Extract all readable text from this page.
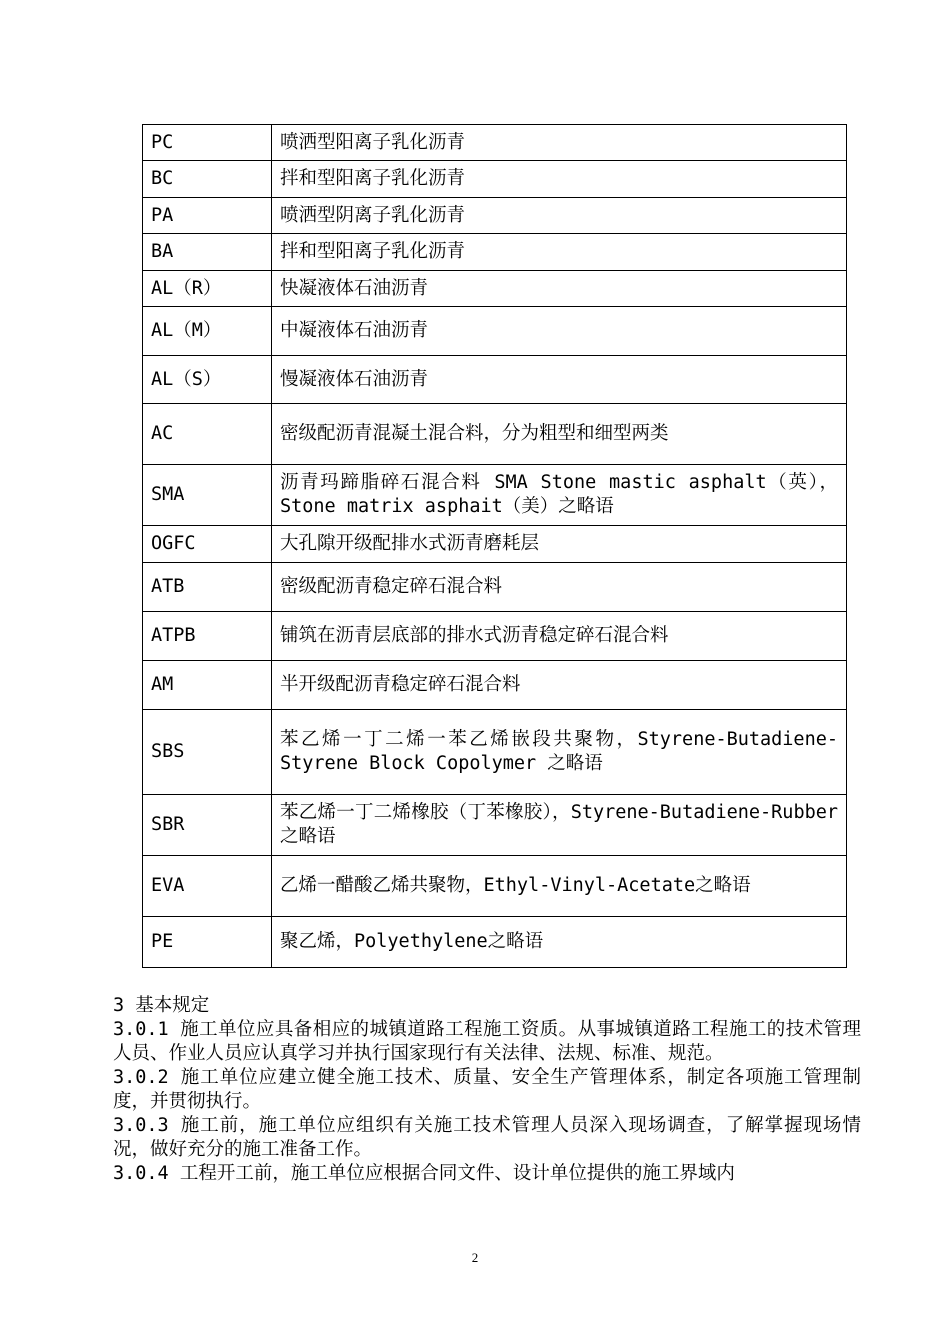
PC	喷洒型阳离子乳化沥青
BC	拌和型阳离子乳化沥青
PA	喷洒型阴离子乳化沥青
BA	拌和型阳离子乳化沥青
AL（R）	快凝液体石油沥青
AL（M）	中凝液体石油沥青
AL（S）	慢凝液体石油沥青
AC	密级配沥青混凝土混合料，分为粗型和细型两类
SMA	沥青玛蹄脂碎石混合料 SMA Stone mastic asphalt（英），Stone matrix asphait（美）之略语
OGFC	大孔隙开级配排水式沥青磨耗层
ATB	密级配沥青稳定碎石混合料
ATPB	铺筑在沥青层底部的排水式沥青稳定碎石混合料
AM	半开级配沥青稳定碎石混合料
SBS	苯乙烯一丁二烯一苯乙烯嵌段共聚物，Styrene-Butadiene-Styrene Block Copolymer 之略语
SBR	苯乙烯一丁二烯橡胶（丁苯橡胶），Styrene-Butadiene-Rubber 之略语
EVA	乙烯一醋酸乙烯共聚物，Ethyl-Vinyl-Acetate之略语
PE	聚乙烯，Polyethylene之略语

3 基本规定

3.0.1 施工单位应具备相应的城镇道路工程施工资质。从事城镇道路工程施工的技术管理人员、作业人员应认真学习并执行国家现行有关法律、法规、标准、规范。

3.0.2 施工单位应建立健全施工技术、质量、安全生产管理体系，制定各项施工管理制度，并贯彻执行。

3.0.3 施工前，施工单位应组织有关施工技术管理人员深入现场调查，了解掌握现场情况，做好充分的施工准备工作。

3.0.4 工程开工前，施工单位应根据合同文件、设计单位提供的施工界域内

2
